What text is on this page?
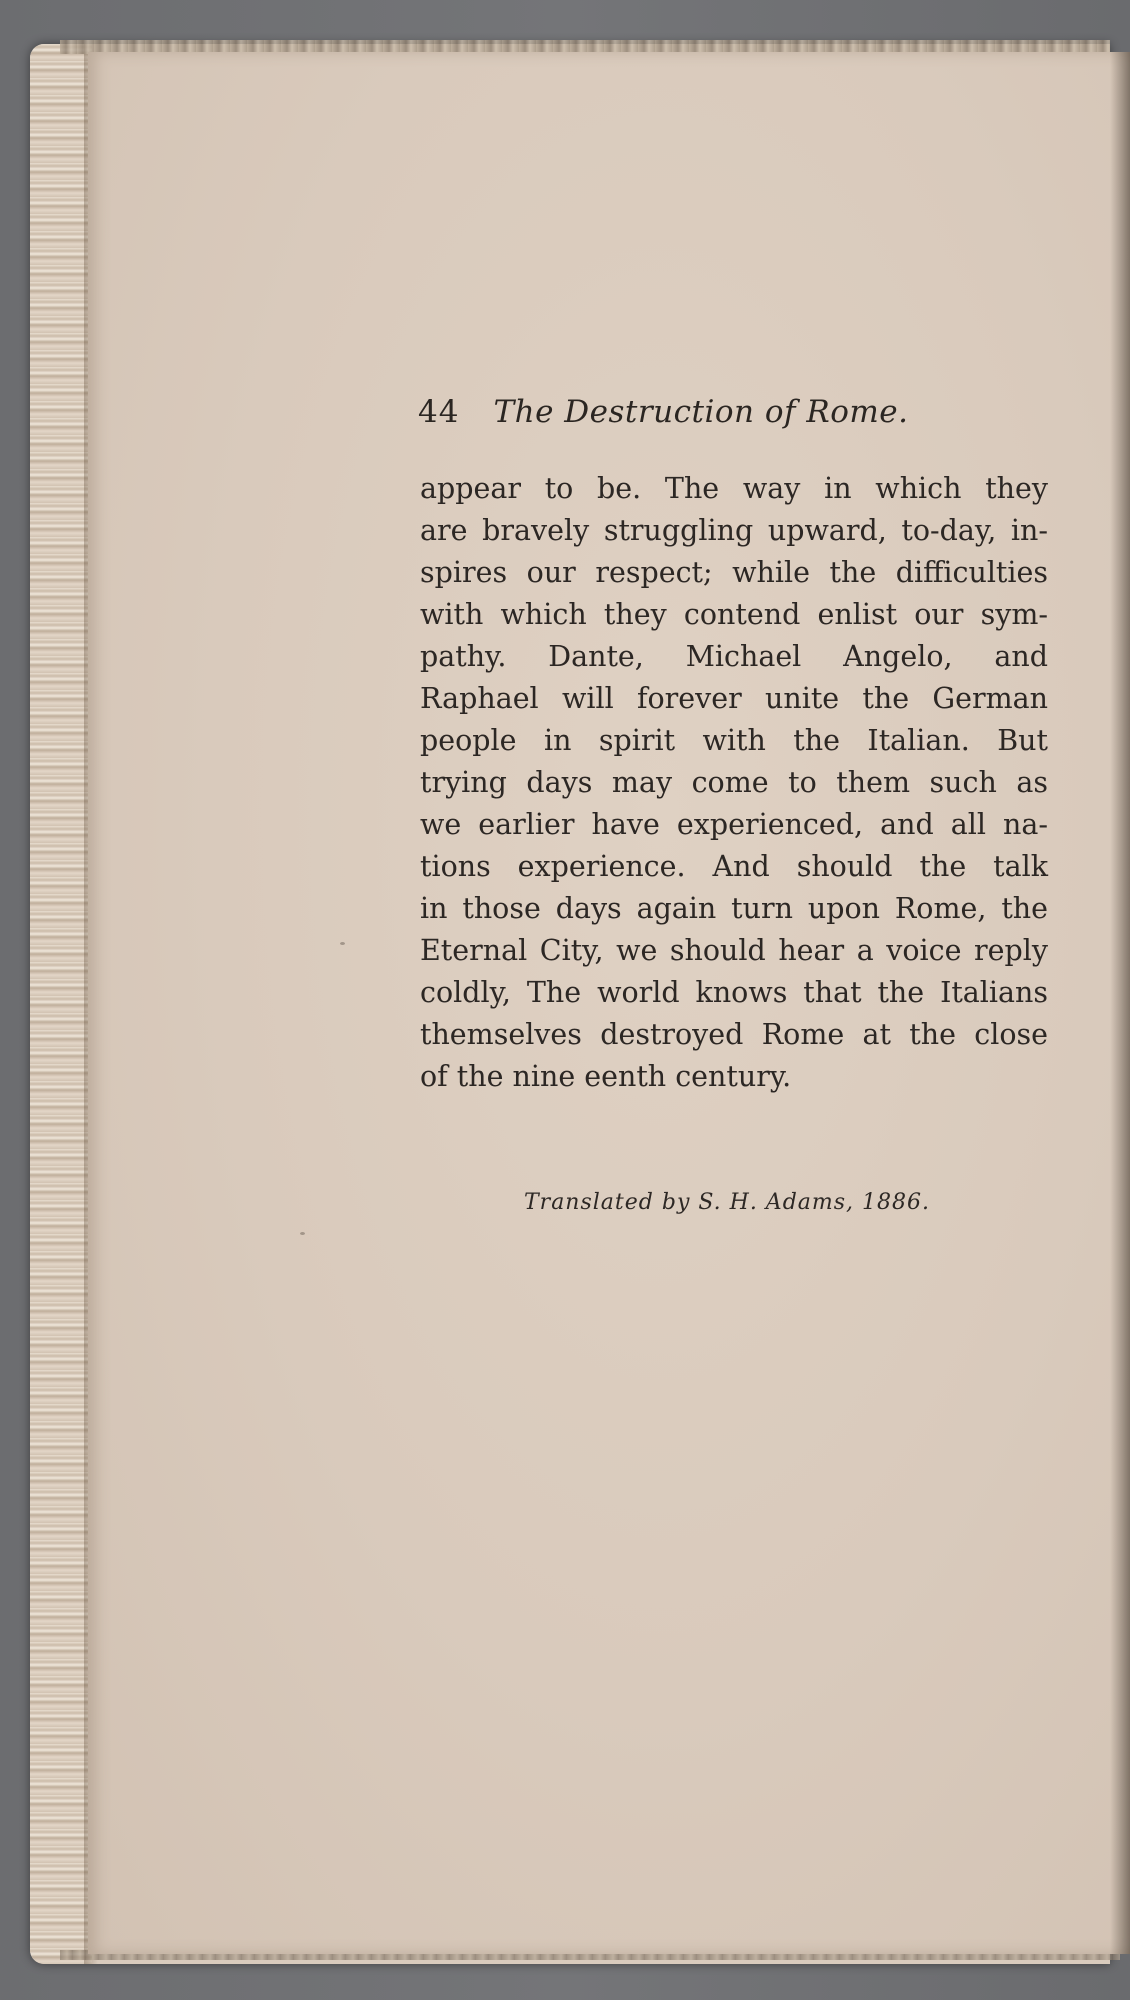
44 The Destruction of Rome.
appear to be. The way in which they
are bravely struggling upward, to-day, in-
spires our respect; while the difficulties
with which they contend enlist our sym-
pathy. Dante, Michael Angelo, and
Raphael will forever unite the German
people in spirit with the Italian. But
trying days may come to them such as
we earlier have experienced, and all na-
tions experience. And should the talk
in those days again turn upon Rome, the
Eternal City, we should hear a voice reply
coldly, The world knows that the Italians
themselves destroyed Rome at the close
of the nine eenth century.
Translated by S. H. Adams, 1886.
